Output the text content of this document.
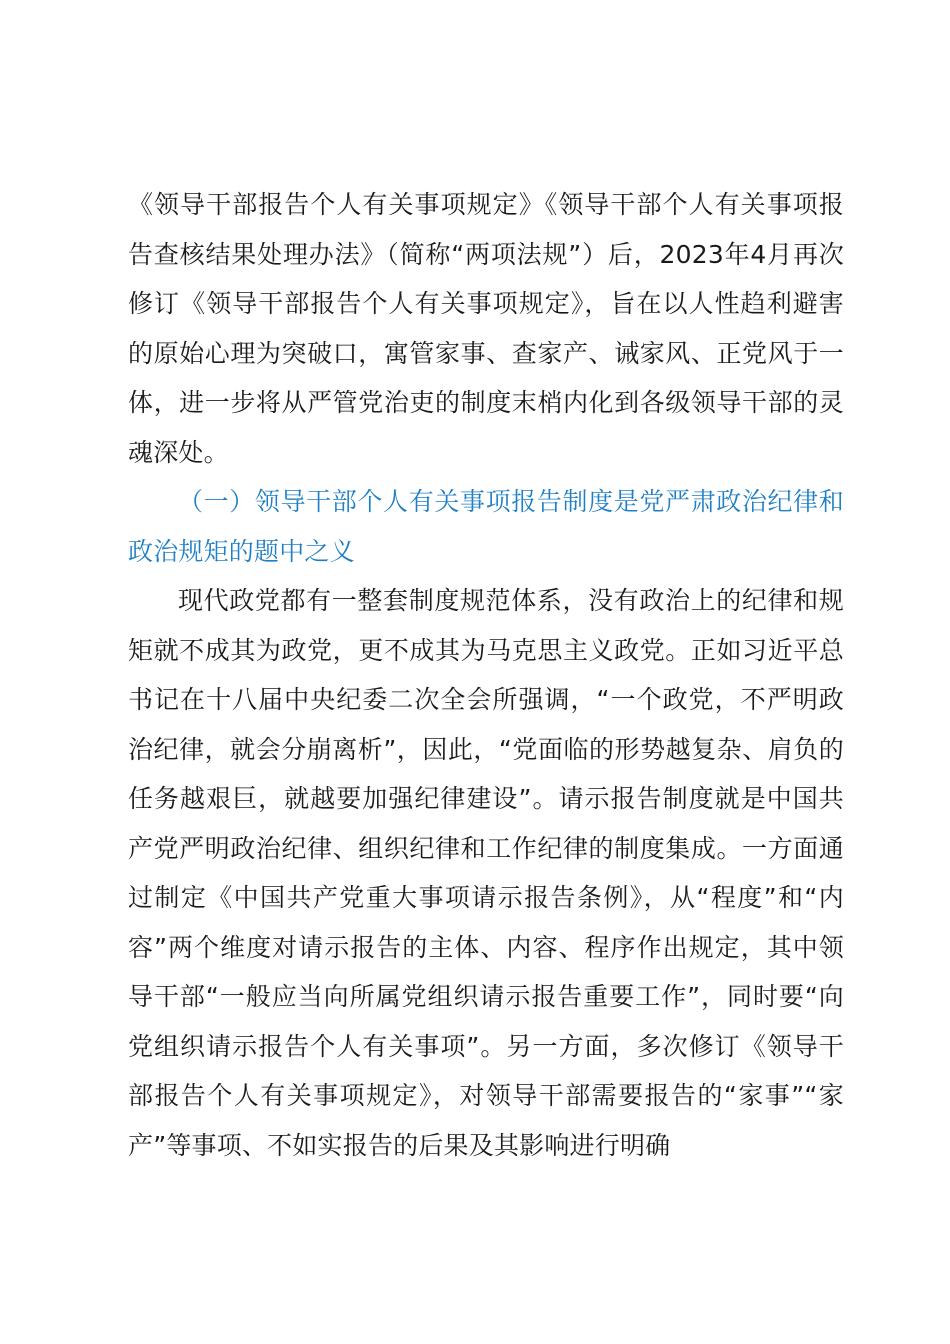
《领导干部报告个人有关事项规定》《领导干部个人有关事项报告查核结果处理办法》（简称“两项法规”）后，2023年4月再次修订《领导干部报告个人有关事项规定》，旨在以人性趋利避害的原始心理为突破口，寓管家事、查家产、诫家风、正党风于一体，进一步将从严管党治吏的制度末梢内化到各级领导干部的灵魂深处。

（一）领导干部个人有关事项报告制度是党严肃政治纪律和政治规矩的题中之义

现代政党都有一整套制度规范体系，没有政治上的纪律和规矩就不成其为政党，更不成其为马克思主义政党。正如习近平总书记在十八届中央纪委二次全会所强调，“一个政党，不严明政治纪律，就会分崩离析”，因此，“党面临的形势越复杂、肩负的任务越艰巨，就越要加强纪律建设”。请示报告制度就是中国共产党严明政治纪律、组织纪律和工作纪律的制度集成。一方面通过制定《中国共产党重大事项请示报告条例》，从“程度”和“内容”两个维度对请示报告的主体、内容、程序作出规定，其中领导干部“一般应当向所属党组织请示报告重要工作”，同时要“向党组织请示报告个人有关事项”。另一方面，多次修订《领导干部报告个人有关事项规定》，对领导干部需要报告的“家事”“家产”等事项、不如实报告的后果及其影响进行明确
